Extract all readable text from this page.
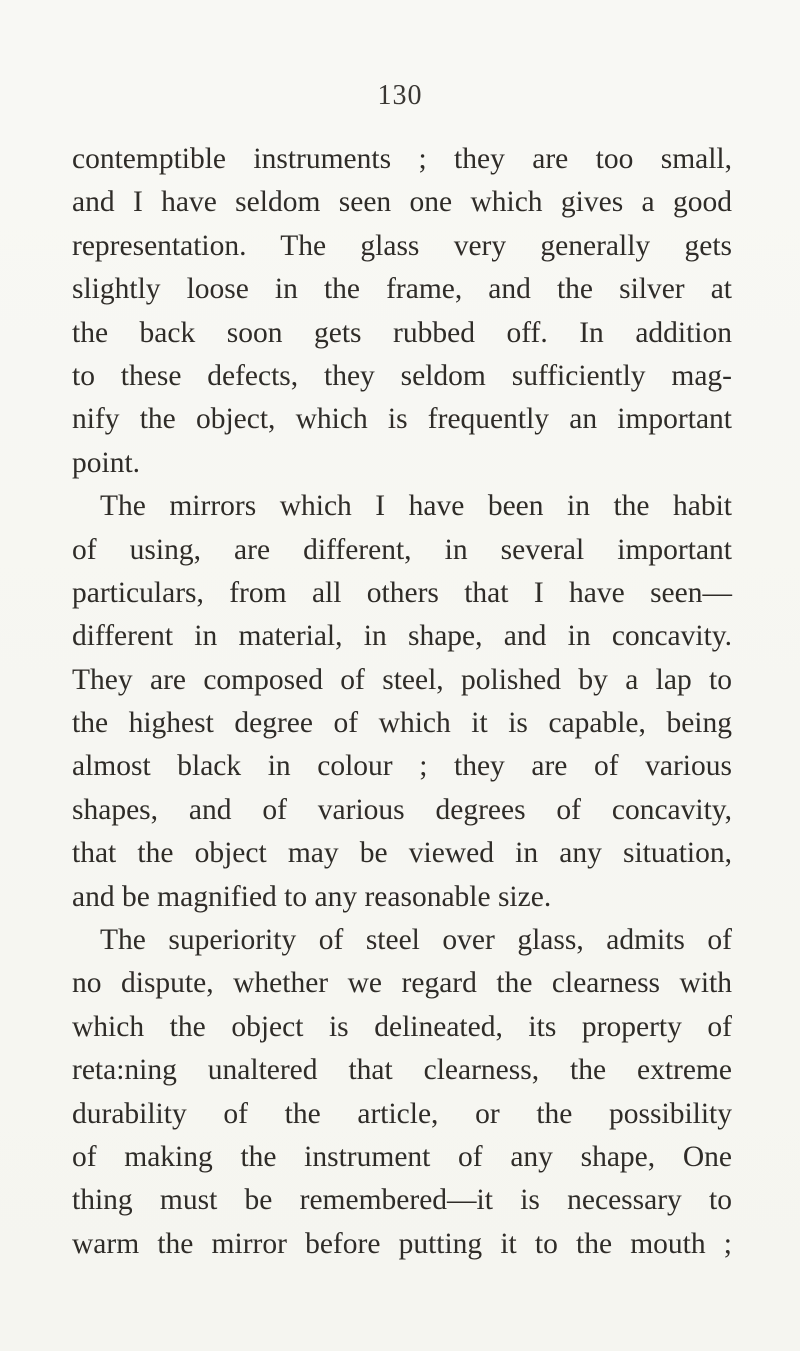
130
contemptible instruments ; they are too small,
and I have seldom seen one which gives a good
representation. The glass very generally gets
slightly loose in the frame, and the silver at
the back soon gets rubbed off. In addition
to these defects, they seldom sufficiently mag-
nify the object, which is frequently an important
point.
The mirrors which I have been in the habit
of using, are different, in several important
particulars, from all others that I have seen—
different in material, in shape, and in concavity.
They are composed of steel, polished by a lap to
the highest degree of which it is capable, being
almost black in colour ; they are of various
shapes, and of various degrees of concavity,
that the object may be viewed in any situation,
and be magnified to any reasonable size.
The superiority of steel over glass, admits of
no dispute, whether we regard the clearness with
which the object is delineated, its property of
reta:ning unaltered that clearness, the extreme
durability of the article, or the possibility
of making the instrument of any shape, One
thing must be remembered—it is necessary to
warm the mirror before putting it to the mouth ;
